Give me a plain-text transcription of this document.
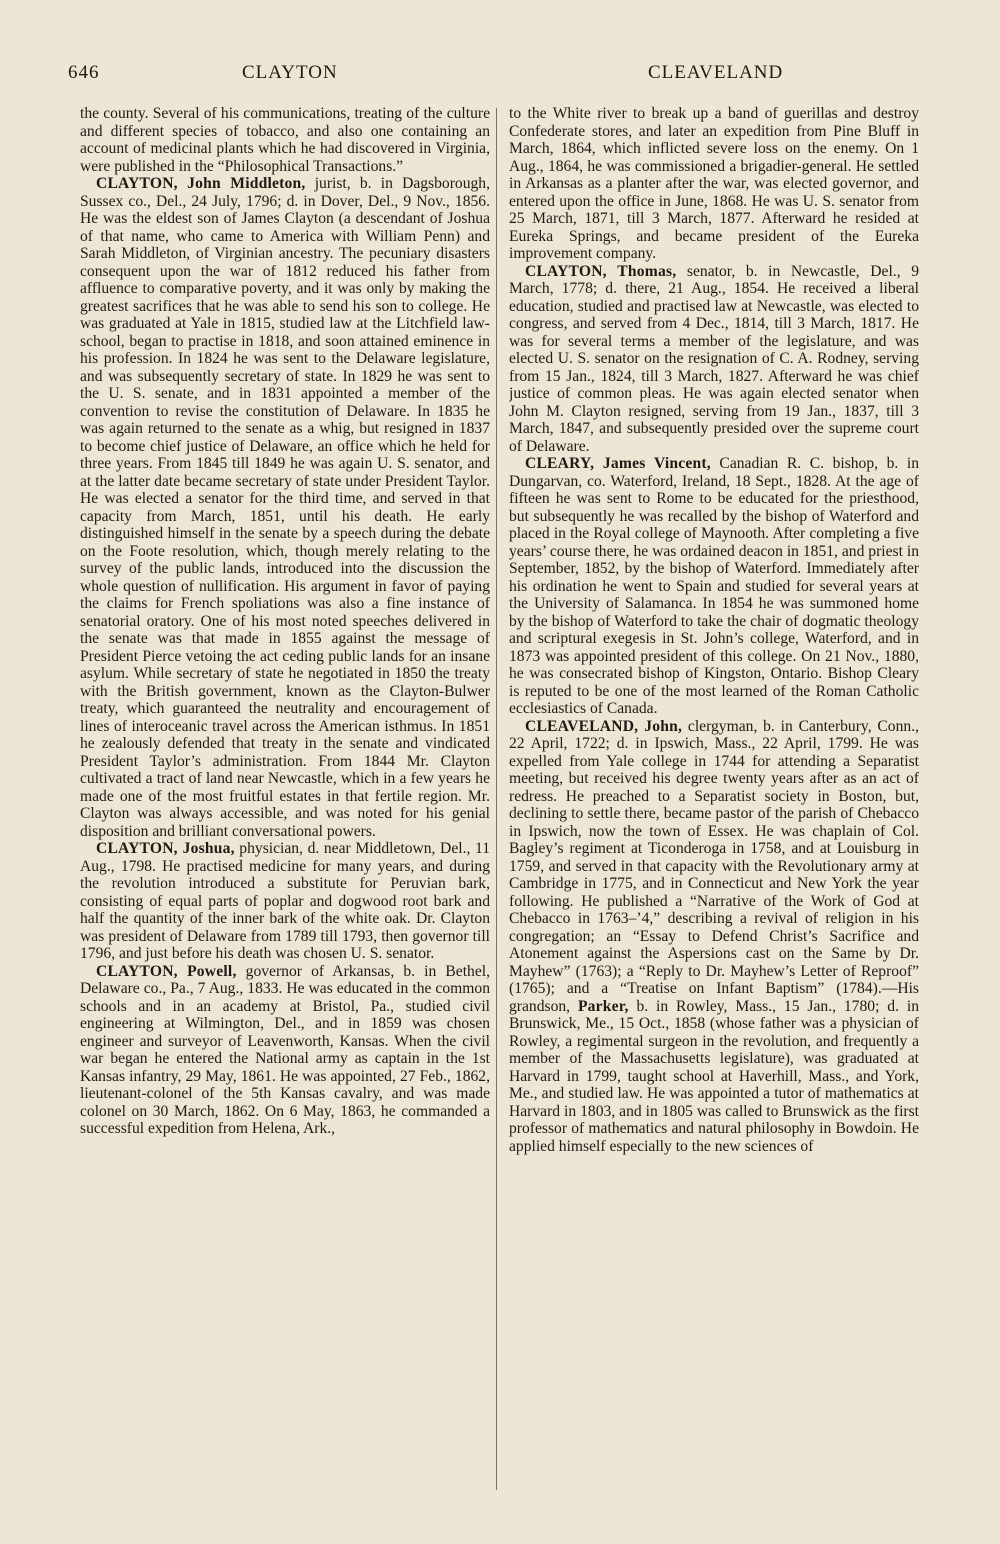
646	CLAYTON	CLEAVELAND

the county. Several of his communications, treating of the culture and different species of tobacco, and also one containing an account of medicinal plants which he had discovered in Virginia, were published in the “Philosophical Transactions.”

CLAYTON, John Middleton, jurist, b. in Dagsborough, Sussex co., Del., 24 July, 1796; d. in Dover, Del., 9 Nov., 1856. He was the eldest son of James Clayton (a descendant of Joshua of that name, who came to America with William Penn) and Sarah Middleton, of Virginian ancestry. The pecuniary disasters consequent upon the war of 1812 reduced his father from affluence to comparative poverty, and it was only by making the greatest sacrifices that he was able to send his son to college. He was graduated at Yale in 1815, studied law at the Litchfield law-school, began to practise in 1818, and soon attained eminence in his profession. In 1824 he was sent to the Delaware legislature, and was subsequently secretary of state. In 1829 he was sent to the U. S. senate, and in 1831 appointed a member of the convention to revise the constitution of Delaware. In 1835 he was again returned to the senate as a whig, but resigned in 1837 to become chief justice of Delaware, an office which he held for three years. From 1845 till 1849 he was again U. S. senator, and at the latter date became secretary of state under President Taylor. He was elected a senator for the third time, and served in that capacity from March, 1851, until his death. He early distinguished himself in the senate by a speech during the debate on the Foote resolution, which, though merely relating to the survey of the public lands, introduced into the discussion the whole question of nullification. His argument in favor of paying the claims for French spoliations was also a fine instance of senatorial oratory. One of his most noted speeches delivered in the senate was that made in 1855 against the message of President Pierce vetoing the act ceding public lands for an insane asylum. While secretary of state he negotiated in 1850 the treaty with the British government, known as the Clayton-Bulwer treaty, which guaranteed the neutrality and encouragement of lines of interoceanic travel across the American isthmus. In 1851 he zealously defended that treaty in the senate and vindicated President Taylor’s administration. From 1844 Mr. Clayton cultivated a tract of land near Newcastle, which in a few years he made one of the most fruitful estates in that fertile region. Mr. Clayton was always accessible, and was noted for his genial disposition and brilliant conversational powers.

CLAYTON, Joshua, physician, d. near Middletown, Del., 11 Aug., 1798. He practised medicine for many years, and during the revolution introduced a substitute for Peruvian bark, consisting of equal parts of poplar and dogwood root bark and half the quantity of the inner bark of the white oak. Dr. Clayton was president of Delaware from 1789 till 1793, then governor till 1796, and just before his death was chosen U. S. senator.

CLAYTON, Powell, governor of Arkansas, b. in Bethel, Delaware co., Pa., 7 Aug., 1833. He was educated in the common schools and in an academy at Bristol, Pa., studied civil engineering at Wilmington, Del., and in 1859 was chosen engineer and surveyor of Leavenworth, Kansas. When the civil war began he entered the National army as captain in the 1st Kansas infantry, 29 May, 1861. He was appointed, 27 Feb., 1862, lieutenant-colonel of the 5th Kansas cavalry, and was made colonel on 30 March, 1862. On 6 May, 1863, he commanded a successful expedition from Helena, Ark.,

to the White river to break up a band of guerillas and destroy Confederate stores, and later an expedition from Pine Bluff in March, 1864, which inflicted severe loss on the enemy. On 1 Aug., 1864, he was commissioned a brigadier-general. He settled in Arkansas as a planter after the war, was elected governor, and entered upon the office in June, 1868. He was U. S. senator from 25 March, 1871, till 3 March, 1877. Afterward he resided at Eureka Springs, and became president of the Eureka improvement company.

CLAYTON, Thomas, senator, b. in Newcastle, Del., 9 March, 1778; d. there, 21 Aug., 1854. He received a liberal education, studied and practised law at Newcastle, was elected to congress, and served from 4 Dec., 1814, till 3 March, 1817. He was for several terms a member of the legislature, and was elected U. S. senator on the resignation of C. A. Rodney, serving from 15 Jan., 1824, till 3 March, 1827. Afterward he was chief justice of common pleas. He was again elected senator when John M. Clayton resigned, serving from 19 Jan., 1837, till 3 March, 1847, and subsequently presided over the supreme court of Delaware.

CLEARY, James Vincent, Canadian R. C. bishop, b. in Dungarvan, co. Waterford, Ireland, 18 Sept., 1828. At the age of fifteen he was sent to Rome to be educated for the priesthood, but subsequently he was recalled by the bishop of Waterford and placed in the Royal college of Maynooth. After completing a five years’ course there, he was ordained deacon in 1851, and priest in September, 1852, by the bishop of Waterford. Immediately after his ordination he went to Spain and studied for several years at the University of Salamanca. In 1854 he was summoned home by the bishop of Waterford to take the chair of dogmatic theology and scriptural exegesis in St. John’s college, Waterford, and in 1873 was appointed president of this college. On 21 Nov., 1880, he was consecrated bishop of Kingston, Ontario. Bishop Cleary is reputed to be one of the most learned of the Roman Catholic ecclesiastics of Canada.

CLEAVELAND, John, clergyman, b. in Canterbury, Conn., 22 April, 1722; d. in Ipswich, Mass., 22 April, 1799. He was expelled from Yale college in 1744 for attending a Separatist meeting, but received his degree twenty years after as an act of redress. He preached to a Separatist society in Boston, but, declining to settle there, became pastor of the parish of Chebacco in Ipswich, now the town of Essex. He was chaplain of Col. Bagley’s regiment at Ticonderoga in 1758, and at Louisburg in 1759, and served in that capacity with the Revolutionary army at Cambridge in 1775, and in Connecticut and New York the year following. He published a “Narrative of the Work of God at Chebacco in 1763–’4,” describing a revival of religion in his congregation; an “Essay to Defend Christ’s Sacrifice and Atonement against the Aspersions cast on the Same by Dr. Mayhew” (1763); a “Reply to Dr. Mayhew’s Letter of Reproof” (1765); and a “Treatise on Infant Baptism” (1784).—His grandson, Parker, b. in Rowley, Mass., 15 Jan., 1780; d. in Brunswick, Me., 15 Oct., 1858 (whose father was a physician of Rowley, a regimental surgeon in the revolution, and frequently a member of the Massachusetts legislature), was graduated at Harvard in 1799, taught school at Haverhill, Mass., and York, Me., and studied law. He was appointed a tutor of mathematics at Harvard in 1803, and in 1805 was called to Brunswick as the first professor of mathematics and natural philosophy in Bowdoin. He applied himself especially to the new sciences of
